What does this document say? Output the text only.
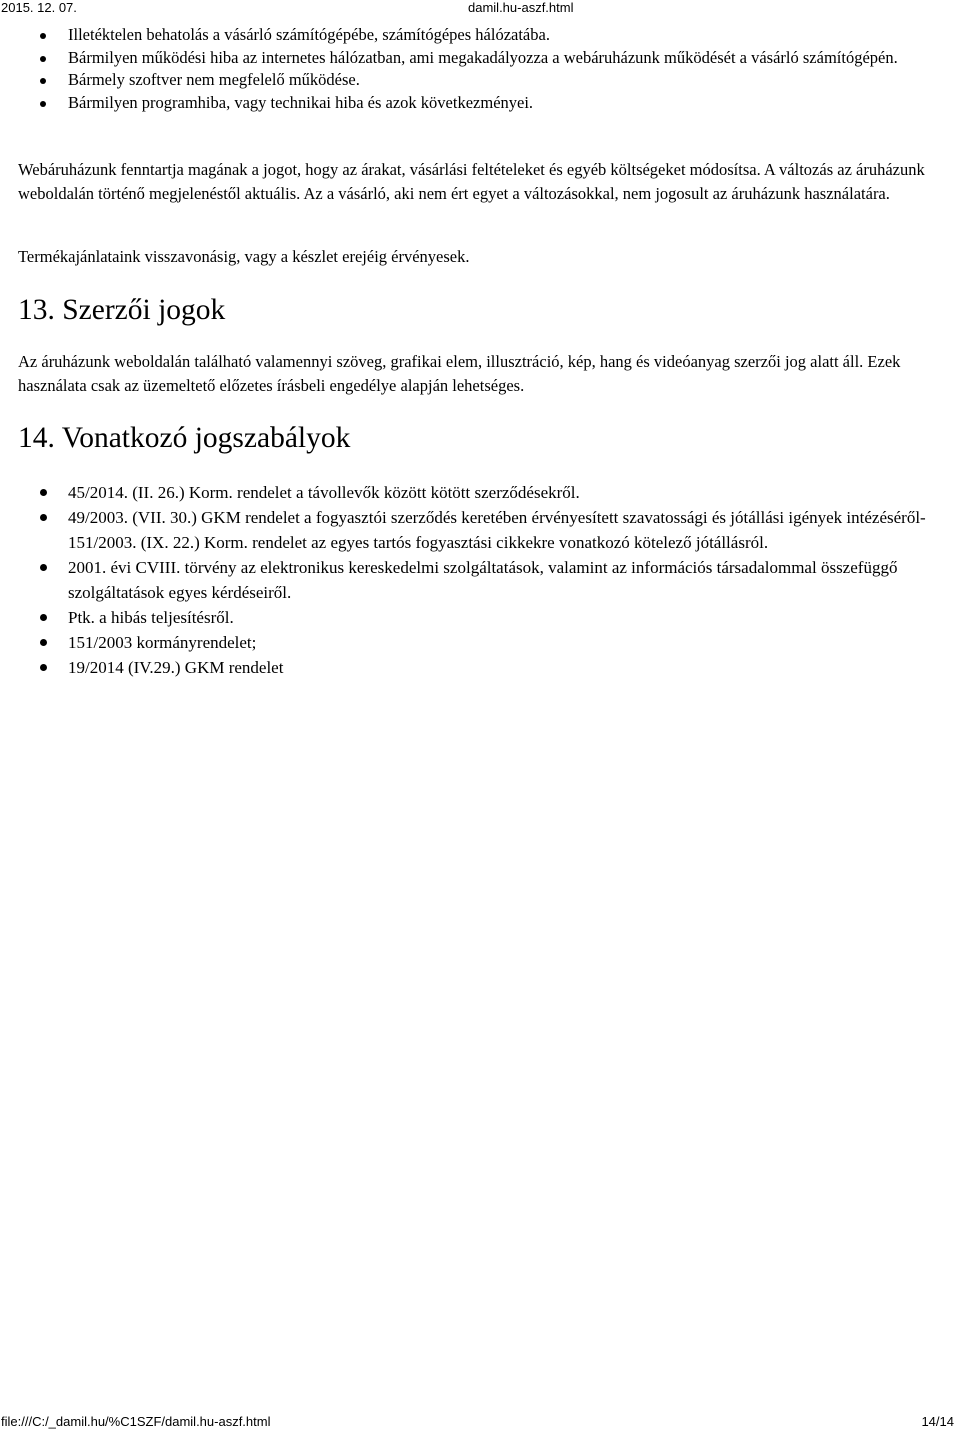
2015. 12. 07.	damil.hu-aszf.html
Illetéktelen behatolás a vásárló számítógépébe, számítógépes hálózatába.
Bármilyen működési hiba az internetes hálózatban, ami megakadályozza a webáruházunk működését a vásárló számítógépén.
Bármely szoftver nem megfelelő működése.
Bármilyen programhiba, vagy technikai hiba és azok következményei.

Webáruházunk fenntartja magának a jogot, hogy az árakat, vásárlási feltételeket és egyéb költségeket módosítsa. A változás az áruházunk weboldalán történő megjelenéstől aktuális. Az a vásárló, aki nem ért egyet a változásokkal, nem jogosult az áruházunk használatára.

Termékajánlataink visszavonásig, vagy a készlet erejéig érvényesek.

13. Szerzői jogok

Az áruházunk weboldalán található valamennyi szöveg, grafikai elem, illusztráció, kép, hang és videóanyag szerzői jog alatt áll. Ezek használata csak az üzemeltető előzetes írásbeli engedélye alapján lehetséges.

14. Vonatkozó jogszabályok
45/2014. (II. 26.) Korm. rendelet a távollevők között kötött szerződésekről.
49/2003. (VII. 30.) GKM rendelet a fogyasztói szerződés keretében érvényesített szavatossági és jótállási igények intézéséről-151/2003. (IX. 22.) Korm. rendelet az egyes tartós fogyasztási cikkekre vonatkozó kötelező jótállásról.
2001. évi CVIII. törvény az elektronikus kereskedelmi szolgáltatások, valamint az információs társadalommal összefüggő szolgáltatások egyes kérdéseiről.
Ptk. a hibás teljesítésről.
151/2003 kormányrendelet;
19/2014 (IV.29.) GKM rendelet
file:///C:/_damil.hu/%C1SZF/damil.hu-aszf.html	14/14
